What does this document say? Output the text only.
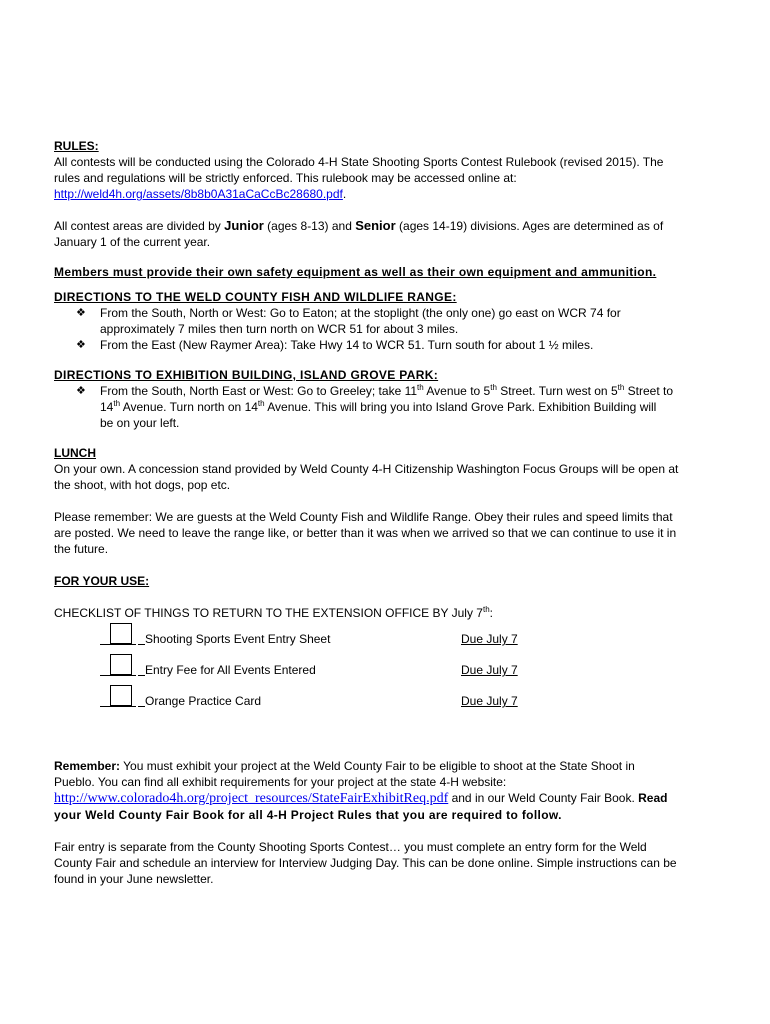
RULES:

All contests will be conducted using the Colorado 4-H State Shooting Sports Contest Rulebook (revised 2015). The

rules and regulations will be strictly enforced. This rulebook may be accessed online at:

http://weld4h.org/assets/8b8b0A31aCaCcBc28680.pdf.

All contest areas are divided by Junior (ages 8-13) and Senior (ages 14-19) divisions. Ages are determined as of

January 1 of the current year.

Members must provide their own safety equipment as well as their own equipment and ammunition.

DIRECTIONS TO THE WELD COUNTY FISH AND WILDLIFE RANGE:

❖ From the South, North or West: Go to Eaton; at the stoplight (the only one) go east on WCR 74 for
approximately 7 miles then turn north on WCR 51 for about 3 miles.
❖ From the East (New Raymer Area): Take Hwy 14 to WCR 51. Turn south for about 1 ½ miles.

DIRECTIONS TO EXHIBITION BUILDING, ISLAND GROVE PARK:

❖ From the South, North East or West: Go to Greeley; take 11th Avenue to 5th Street. Turn west on 5th Street to
14th Avenue. Turn north on 14th Avenue. This will bring you into Island Grove Park. Exhibition Building will
be on your left.

LUNCH

On your own. A concession stand provided by Weld County 4-H Citizenship Washington Focus Groups will be open at

the shoot, with hot dogs, pop etc.

Please remember: We are guests at the Weld County Fish and Wildlife Range. Obey their rules and speed limits that

are posted. We need to leave the range like, or better than it was when we arrived so that we can continue to use it in

the future.

FOR YOUR USE:

CHECKLIST OF THINGS TO RETURN TO THE EXTENSION OFFICE BY July 7th:

Shooting Sports Event Entry Sheet	Due July 7
Entry Fee for All Events Entered	Due July 7
Orange Practice Card	Due July 7

Remember: You must exhibit your project at the Weld County Fair to be eligible to shoot at the State Shoot in

Pueblo. You can find all exhibit requirements for your project at the state 4-H website:

http://www.colorado4h.org/project_resources/StateFairExhibitReq.pdf and in our Weld County Fair Book. Read

your Weld County Fair Book for all 4-H Project Rules that you are required to follow.

Fair entry is separate from the County Shooting Sports Contest… you must complete an entry form for the Weld

County Fair and schedule an interview for Interview Judging Day. This can be done online. Simple instructions can be

found in your June newsletter.
